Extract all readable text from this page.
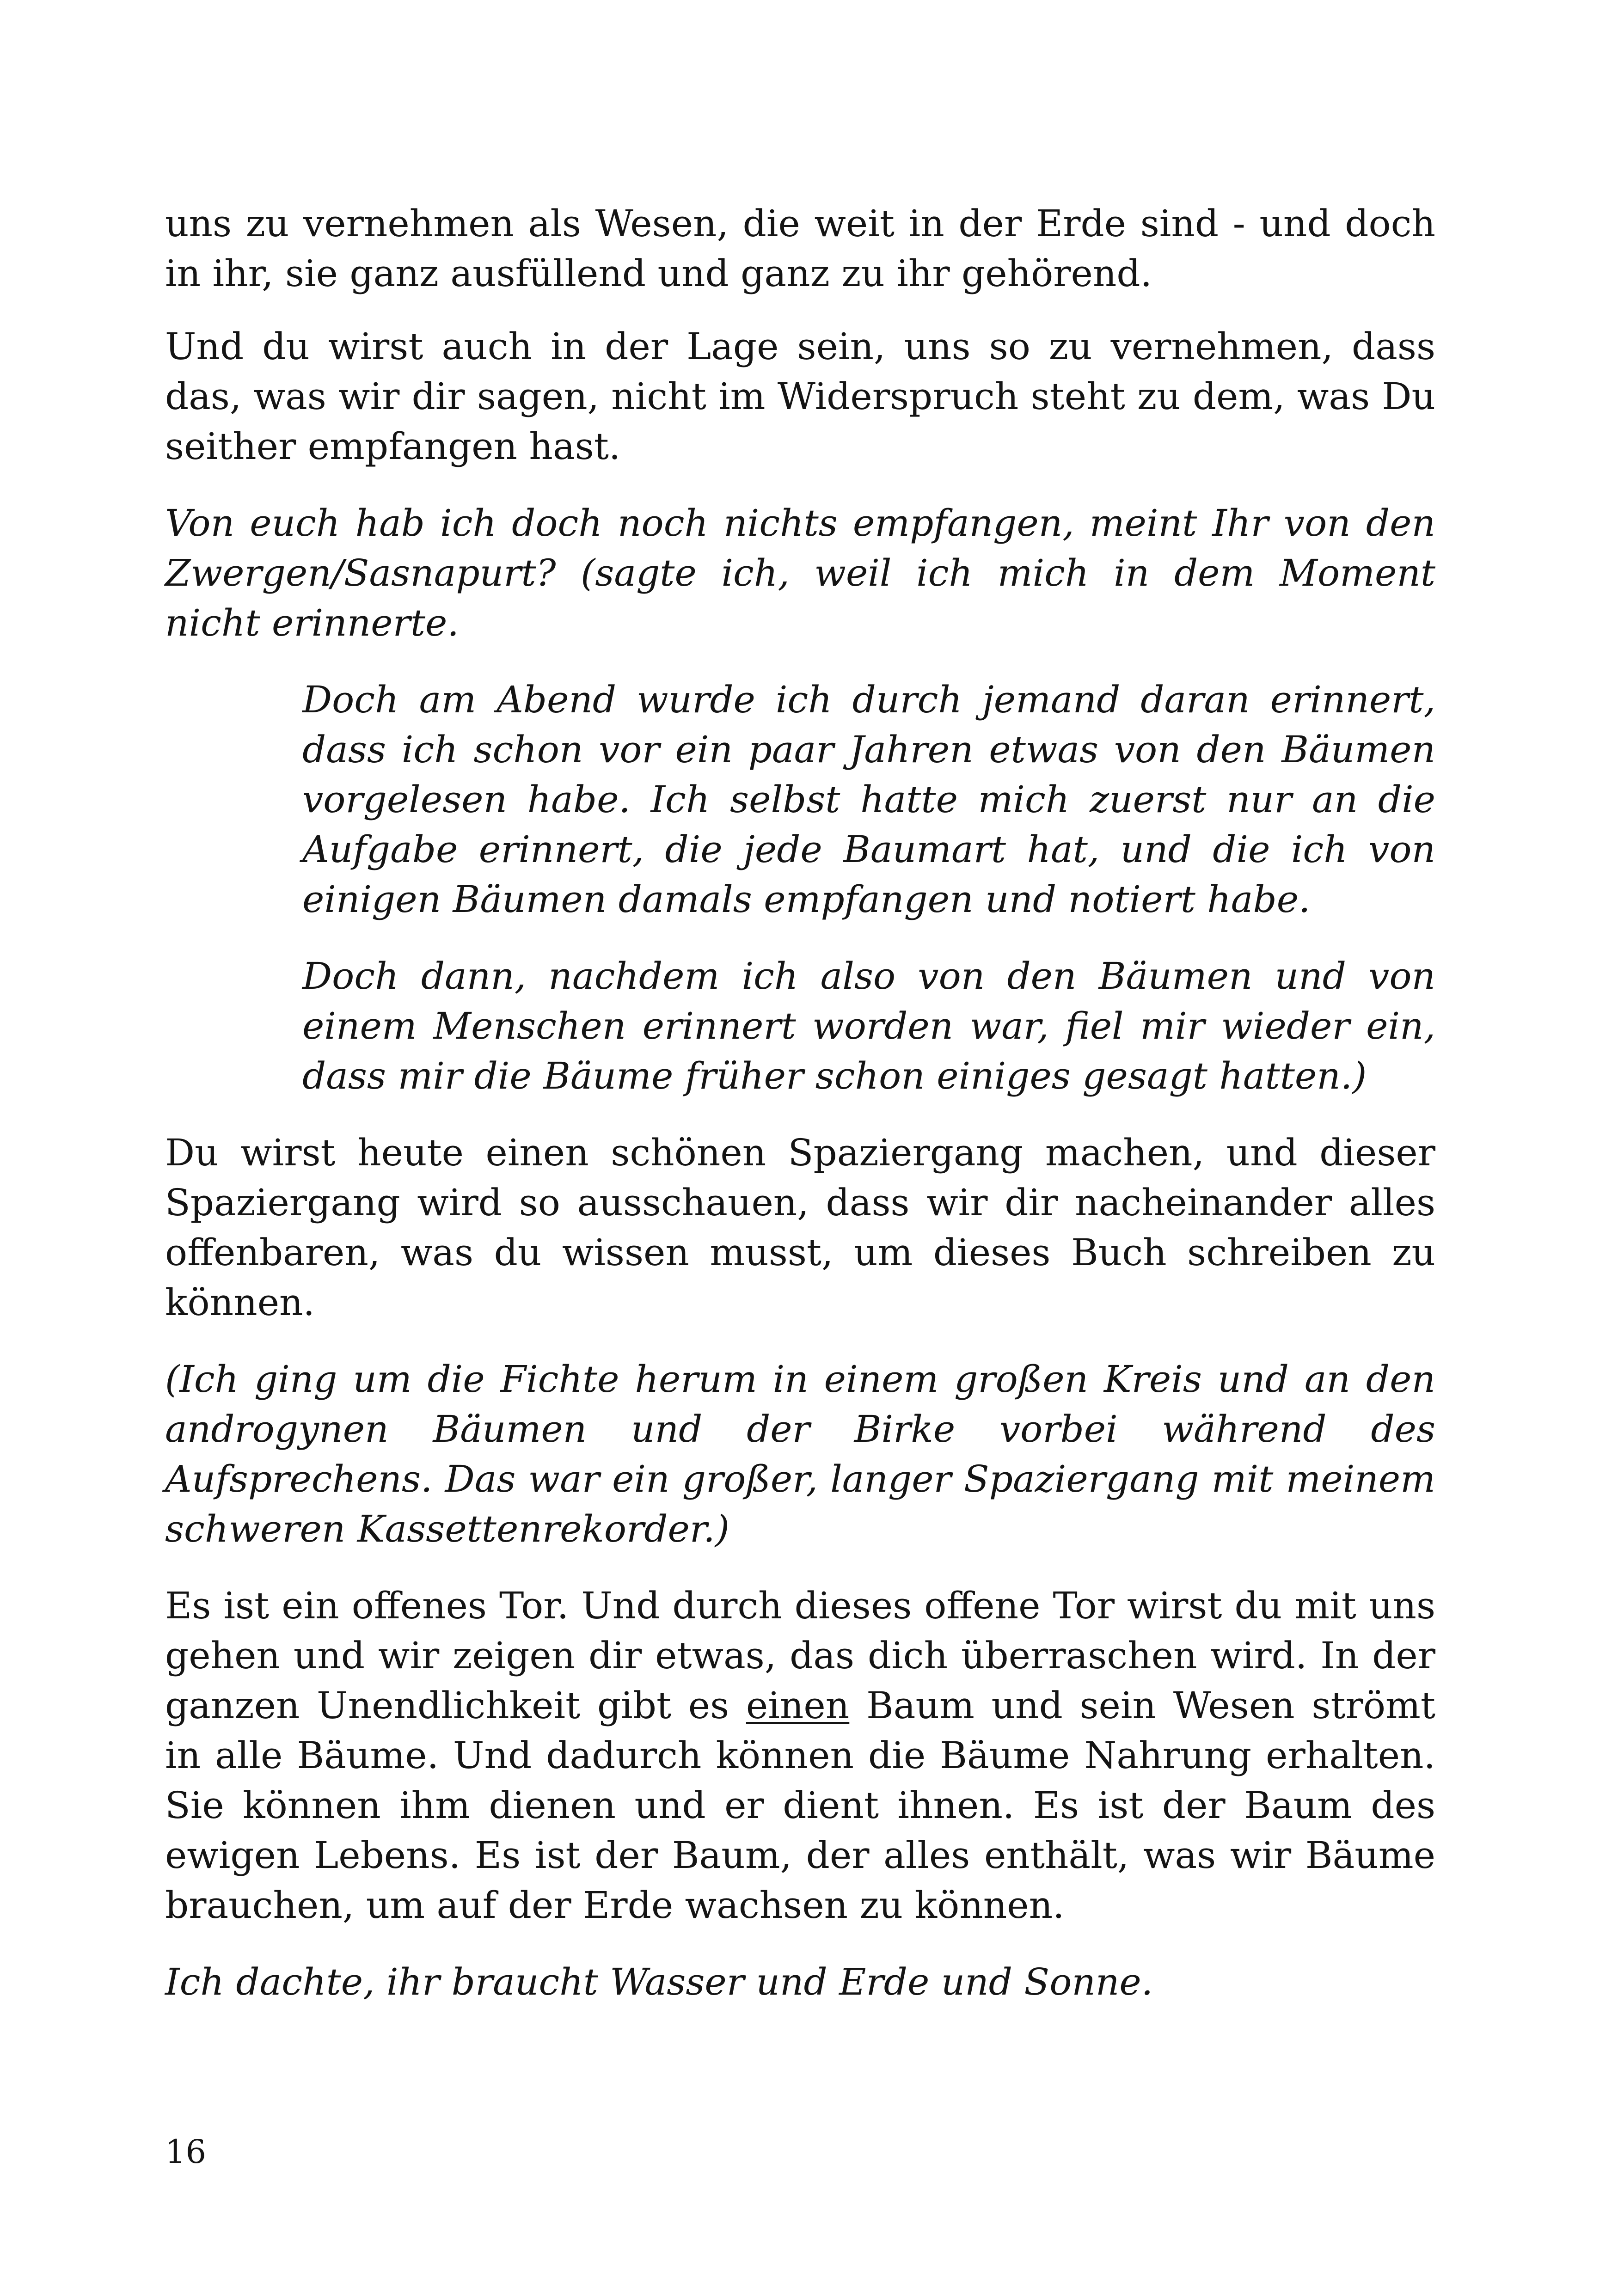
uns zu vernehmen als Wesen, die weit in der Erde sind - und doch in ihr, sie ganz ausfüllend und ganz zu ihr gehörend.

Und du wirst auch in der Lage sein, uns so zu vernehmen, dass das, was wir dir sagen, nicht im Widerspruch steht zu dem, was Du seither empfangen hast.

Von euch hab ich doch noch nichts empfangen, meint Ihr von den Zwergen/Sasnapurt? (sagte ich, weil ich mich in dem Moment nicht erinnerte.

Doch am Abend wurde ich durch jemand daran erinnert, dass ich schon vor ein paar Jahren etwas von den Bäumen vorgelesen habe. Ich selbst hatte mich zuerst nur an die Aufgabe erinnert, die jede Baumart hat, und die ich von einigen Bäumen damals empfangen und notiert habe.

Doch dann, nachdem ich also von den Bäumen und von einem Menschen erinnert worden war, fiel mir wieder ein, dass mir die Bäume früher schon einiges gesagt hatten.)

Du wirst heute einen schönen Spaziergang machen, und dieser Spaziergang wird so ausschauen, dass wir dir nacheinander alles offenbaren, was du wissen musst, um dieses Buch schreiben zu können.

(Ich ging um die Fichte herum in einem großen Kreis und an den androgynen Bäumen und der Birke vorbei während des Aufsprechens. Das war ein großer, langer Spaziergang mit meinem schweren Kassettenrekorder.)

Es ist ein offenes Tor. Und durch dieses offene Tor wirst du mit uns gehen und wir zeigen dir etwas, das dich überraschen wird. In der ganzen Unendlichkeit gibt es einen Baum und sein Wesen strömt in alle Bäume. Und dadurch können die Bäume Nahrung erhalten. Sie können ihm dienen und er dient ihnen. Es ist der Baum des ewigen Lebens. Es ist der Baum, der alles enthält, was wir Bäume brauchen, um auf der Erde wachsen zu können.

Ich dachte, ihr braucht Wasser und Erde und Sonne.

16
